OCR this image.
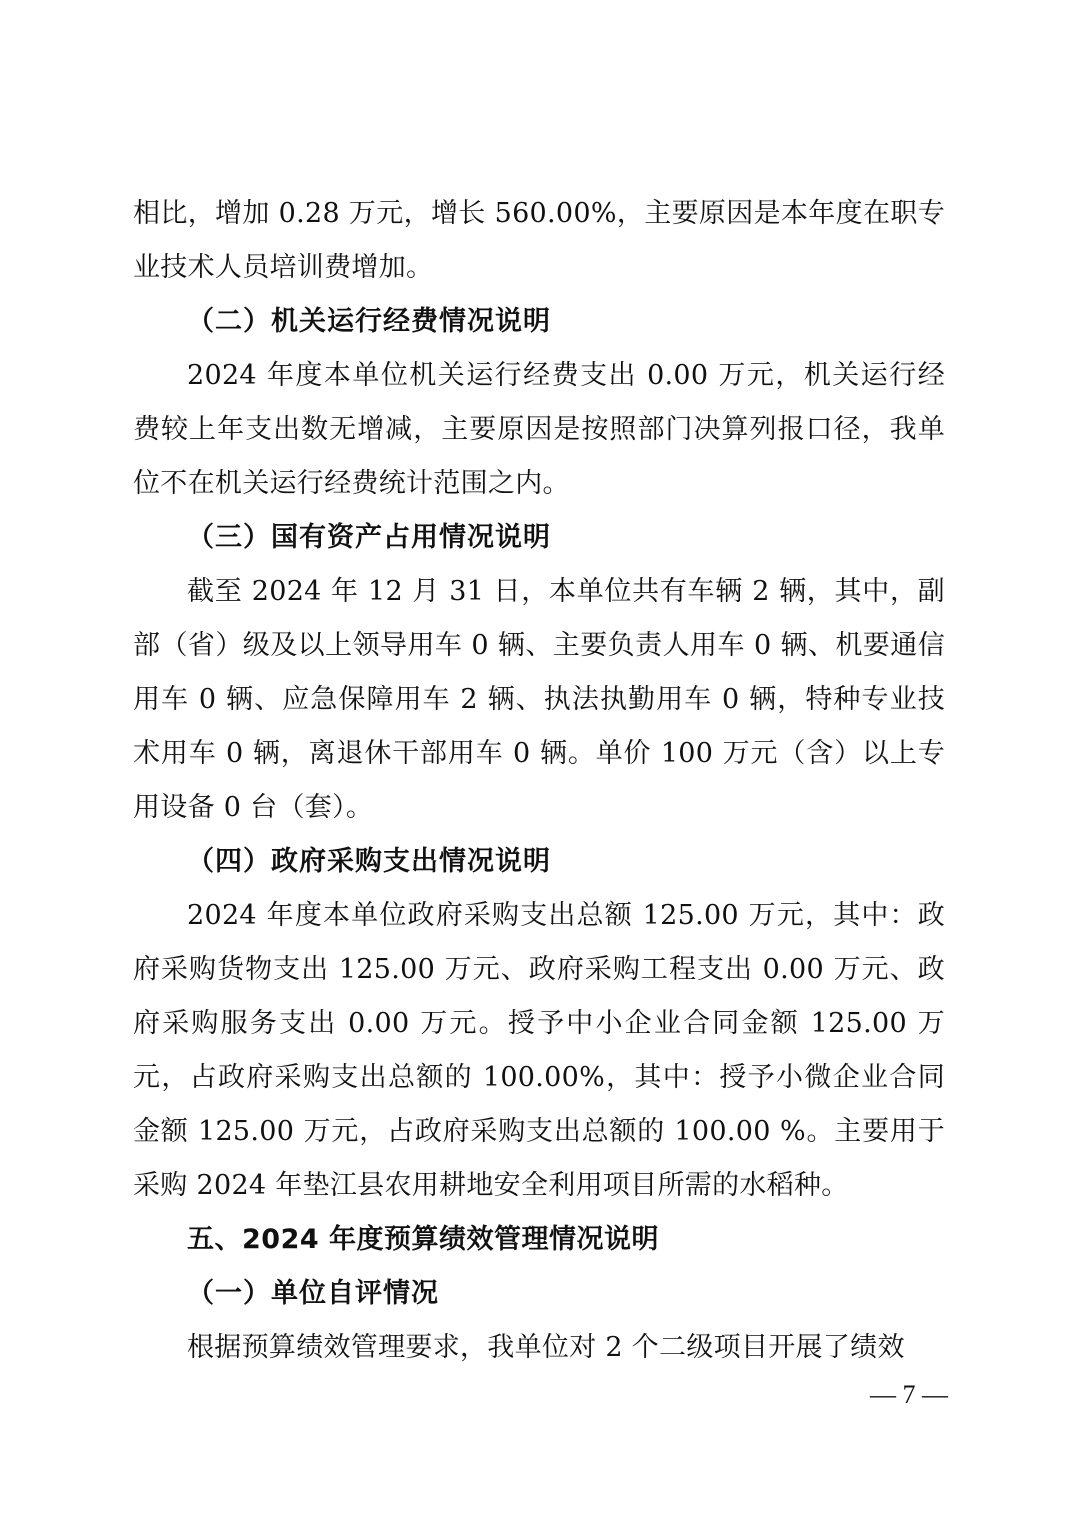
相比，增加 0.28 万元，增长 560.00%，主要原因是本年度在职专业技术人员培训费增加。

（二）机关运行经费情况说明

2024 年度本单位机关运行经费支出 0.00 万元，机关运行经费较上年支出数无增减，主要原因是按照部门决算列报口径，我单位不在机关运行经费统计范围之内。

（三）国有资产占用情况说明

截至 2024 年 12 月 31 日，本单位共有车辆 2 辆，其中，副部（省）级及以上领导用车 0 辆、主要负责人用车 0 辆、机要通信用车 0 辆、应急保障用车 2 辆、执法执勤用车 0 辆，特种专业技术用车 0 辆，离退休干部用车 0 辆。单价 100 万元（含）以上专用设备 0 台（套）。

（四）政府采购支出情况说明

2024 年度本单位政府采购支出总额 125.00 万元，其中：政府采购货物支出 125.00 万元、政府采购工程支出 0.00 万元、政府采购服务支出 0.00 万元。授予中小企业合同金额 125.00 万元，占政府采购支出总额的 100.00%，其中：授予小微企业合同金额 125.00 万元，占政府采购支出总额的 100.00 %。主要用于采购 2024 年垫江县农用耕地安全利用项目所需的水稻种。

五、2024 年度预算绩效管理情况说明

（一）单位自评情况

根据预算绩效管理要求，我单位对 2 个二级项目开展了绩效

— 7 —
